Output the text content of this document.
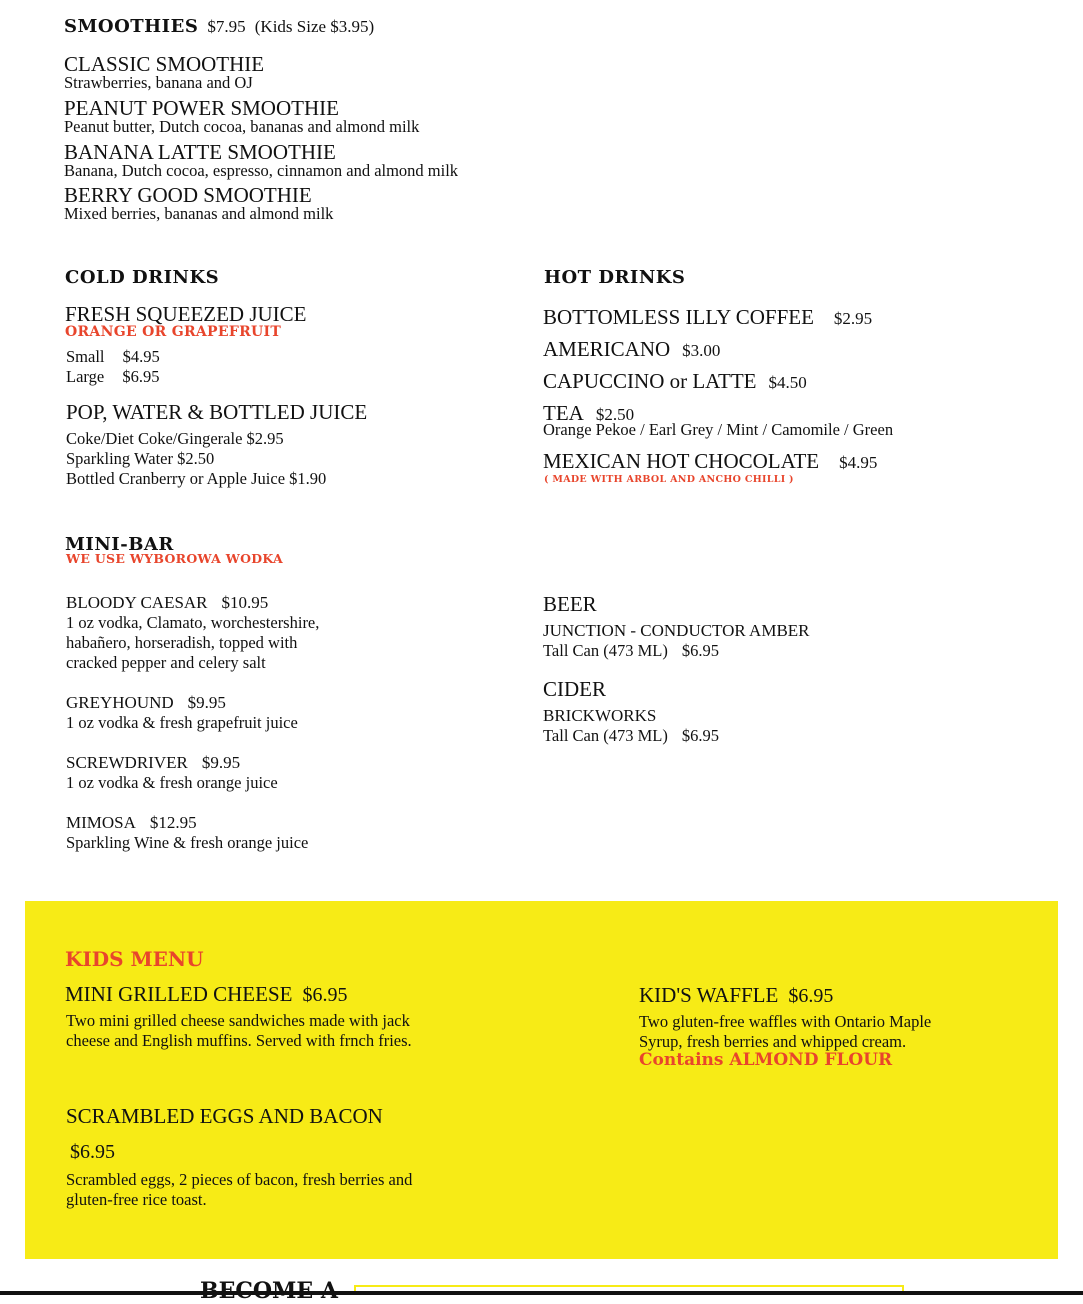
SMOOTHIES $7.95 (Kids Size $3.95)
CLASSIC SMOOTHIE
Strawberries, banana and OJ
PEANUT POWER SMOOTHIE
Peanut butter, Dutch cocoa, bananas and almond milk
BANANA LATTE SMOOTHIE
Banana, Dutch cocoa, espresso, cinnamon and almond milk
BERRY GOOD SMOOTHIE
Mixed berries, bananas and almond milk
COLD DRINKS
FRESH SQUEEZED JUICE
ORANGE OR GRAPEFRUIT
Small $4.95
Large $6.95
POP, WATER & BOTTLED JUICE
Coke/Diet Coke/Gingerale $2.95
Sparkling Water $2.50
Bottled Cranberry or Apple Juice $1.90
HOT DRINKS
BOTTOMLESS ILLY COFFEE $2.95
AMERICANO $3.00
CAPUCCINO or LATTE $4.50
TEA $2.50
Orange Pekoe / Earl Grey / Mint / Camomile / Green
MEXICAN HOT CHOCOLATE $4.95
( MADE WITH ARBOL AND ANCHO CHILLI )
MINI-BAR
WE USE WYBOROWA WODKA
BLOODY CAESAR $10.95
1 oz vodka, Clamato, worchestershire,
habañero, horseradish, topped with
cracked pepper and celery salt
GREYHOUND $9.95
1 oz vodka & fresh grapefruit juice
SCREWDRIVER $9.95
1 oz vodka & fresh orange juice
MIMOSA $12.95
Sparkling Wine & fresh orange juice
BEER
JUNCTION - CONDUCTOR AMBER
Tall Can (473 ML) $6.95
CIDER
BRICKWORKS
Tall Can (473 ML) $6.95
KIDS MENU
MINI GRILLED CHEESE $6.95
Two mini grilled cheese sandwiches made with jack
cheese and English muffins. Served with frnch fries.
KID'S WAFFLE $6.95
Two gluten-free waffles with Ontario Maple
Syrup, fresh berries and whipped cream.
Contains ALMOND FLOUR
SCRAMBLED EGGS AND BACON
$6.95
Scrambled eggs, 2 pieces of bacon, fresh berries and
gluten-free rice toast.
